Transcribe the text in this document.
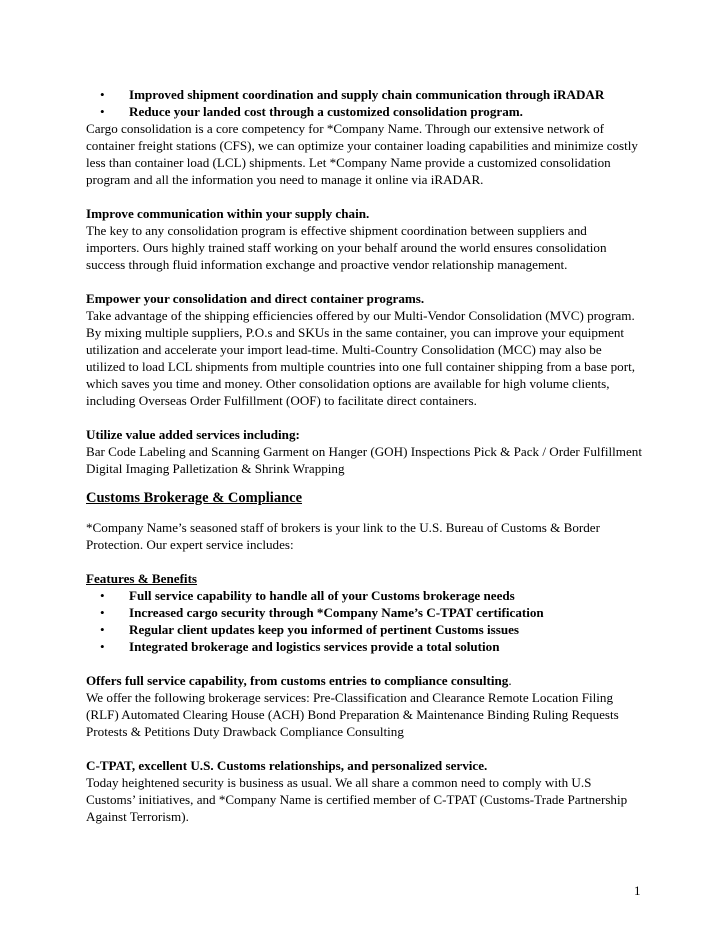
• Improved shipment coordination and supply chain communication through iRADAR
• Reduce your landed cost through a customized consolidation program.
Cargo consolidation is a core competency for *Company Name. Through our extensive network of
container freight stations (CFS), we can optimize your container loading capabilities and minimize costly
less than container load (LCL) shipments. Let *Company Name provide a customized consolidation
program and all the information you need to manage it online via iRADAR.
Improve communication within your supply chain.
The key to any consolidation program is effective shipment coordination between suppliers and
importers. Ours highly trained staff working on your behalf around the world ensures consolidation
success through fluid information exchange and proactive vendor relationship management.
Empower your consolidation and direct container programs.
Take advantage of the shipping efficiencies offered by our Multi-Vendor Consolidation (MVC) program.
By mixing multiple suppliers, P.O.s and SKUs in the same container, you can improve your equipment
utilization and accelerate your import lead-time. Multi-Country Consolidation (MCC) may also be
utilized to load LCL shipments from multiple countries into one full container shipping from a base port,
which saves you time and money. Other consolidation options are available for high volume clients,
including Overseas Order Fulfillment (OOF) to facilitate direct containers.
Utilize value added services including:
Bar Code Labeling and Scanning Garment on Hanger (GOH) Inspections Pick & Pack / Order Fulfillment
Digital Imaging Palletization & Shrink Wrapping
Customs Brokerage & Compliance
*Company Name’s seasoned staff of brokers is your link to the U.S. Bureau of Customs & Border
Protection. Our expert service includes:
Features & Benefits
• Full service capability to handle all of your Customs brokerage needs
• Increased cargo security through *Company Name’s C-TPAT certification
• Regular client updates keep you informed of pertinent Customs issues
• Integrated brokerage and logistics services provide a total solution
Offers full service capability, from customs entries to compliance consulting.
We offer the following brokerage services: Pre-Classification and Clearance Remote Location Filing
(RLF) Automated Clearing House (ACH) Bond Preparation & Maintenance Binding Ruling Requests
Protests & Petitions Duty Drawback Compliance Consulting
C-TPAT, excellent U.S. Customs relationships, and personalized service.
Today heightened security is business as usual. We all share a common need to comply with U.S
Customs’ initiatives, and *Company Name is certified member of C-TPAT (Customs-Trade Partnership
Against Terrorism).
1
